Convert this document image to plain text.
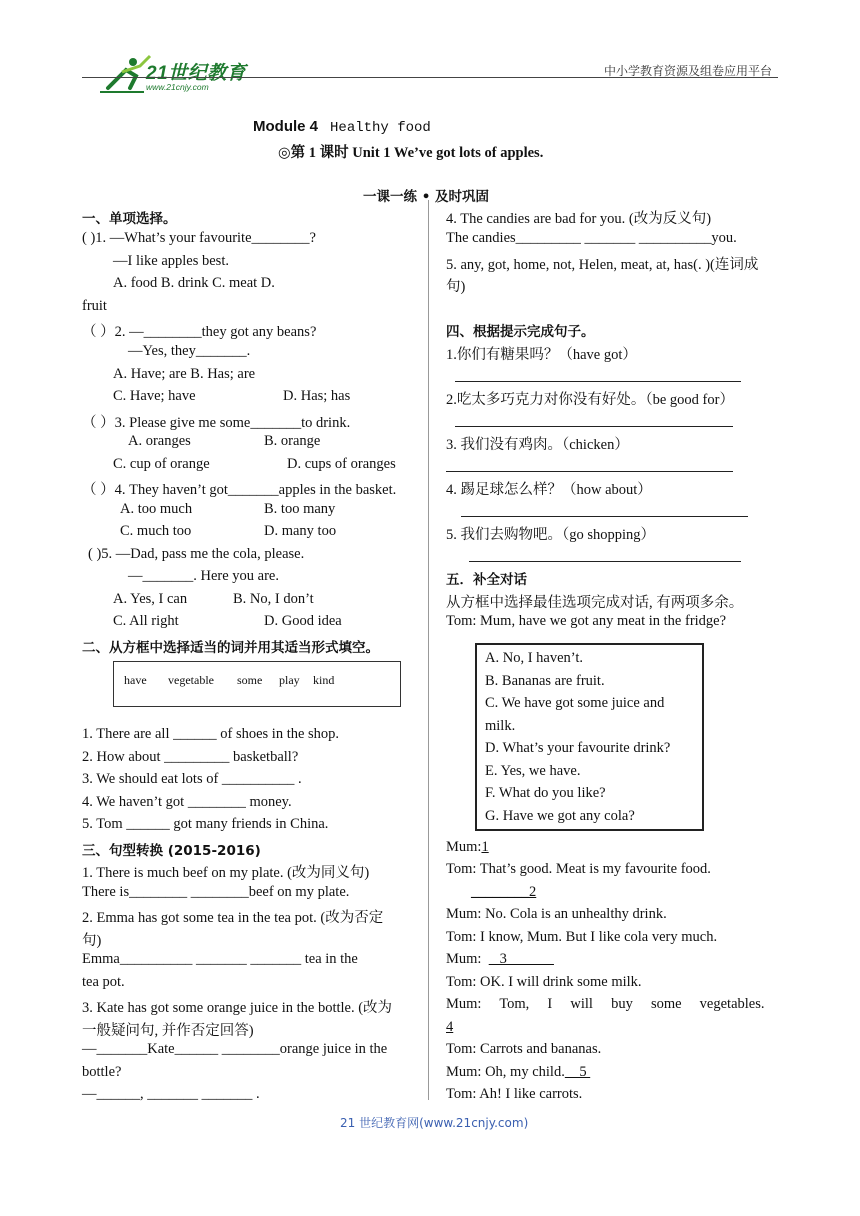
21世纪教育
www.21cnjy.com
中小学教育资源及组卷应用平台
Module 4 Healthy food
◎第 1 课时 Unit 1 We’ve got lots of apples.
一课一练 • 及时巩固
一、单项选择。
( )1. —What’s your favourite________?
—I like apples best.
A. food B. drink C. meat D.
fruit
（ ）2. —________they got any beans?
—Yes, they_______.
A. Have; are B. Has; are
C. Have; have	D. Has; has
（ ）3. Please give me some_______to drink.
A. oranges	B. orange
C. cup of orange	D. cups of oranges
（ ）4. They haven’t got_______apples in the basket.
A. too much	B. too many
C. much too	D. many too
( )5. —Dad, pass me the cola, please.
—_______. Here you are.
A. Yes, I can	B. No, I don’t
C. All right	D. Good idea
二、从方框中选择适当的词并用其适当形式填空。
have vegetable some play kind
1. There are all ______ of shoes in the shop.
2. How about _________ basketball?
3. We should eat lots of __________ .
4. We haven’t got ________ money.
5. Tom ______ got many friends in China.
三、句型转换 (2015-2016)
1. There is much beef on my plate. (改为同义句)
There is________ ________beef on my plate.
2. Emma has got some tea in the tea pot. (改为否定
句)
Emma__________ _______ _______ tea in the
tea pot.
3. Kate has got some orange juice in the bottle. (改为
一般疑问句, 并作否定回答)
—_______Kate______ ________orange juice in the
bottle?
—______, _______ _______ .
4. The candies are bad for you. (改为反义句)
The candies_________ _______ __________you.
5. any, got, home, not, Helen, meat, at, has(. )(连词成
句)
四、根据提示完成句子。
1.你们有糖果吗？（have got）
2.吃太多巧克力对你没有好处。（be good for）
3. 我们没有鸡肉。（chicken）
4. 踢足球怎么样？（how about）
5. 我们去购物吧。（go shopping）
五．补全对话
从方框中选择最佳选项完成对话, 有两项多余。
Tom: Mum, have we got any meat in the fridge?
A. No, I haven’t.
B. Bananas are fruit.
C. We have got some juice and
milk.
D. What’s your favourite drink?
E. Yes, we have.
F. What do you like?
G. Have we got any cola?
Mum:1
Tom: That’s good. Meat is my favourite food.
________2
Mum: No. Cola is an unhealthy drink.
Tom: I know, Mum. But I like cola very much.
Mum:     3
Tom: OK. I will drink some milk.
Mum:     Tom,     I     will     buy     some     vegetables.
4
Tom: Carrots and bananas.
Mum: Oh, my child.    5
Tom: Ah! I like carrots.
21 世纪教育网(www.21cnjy.com)
